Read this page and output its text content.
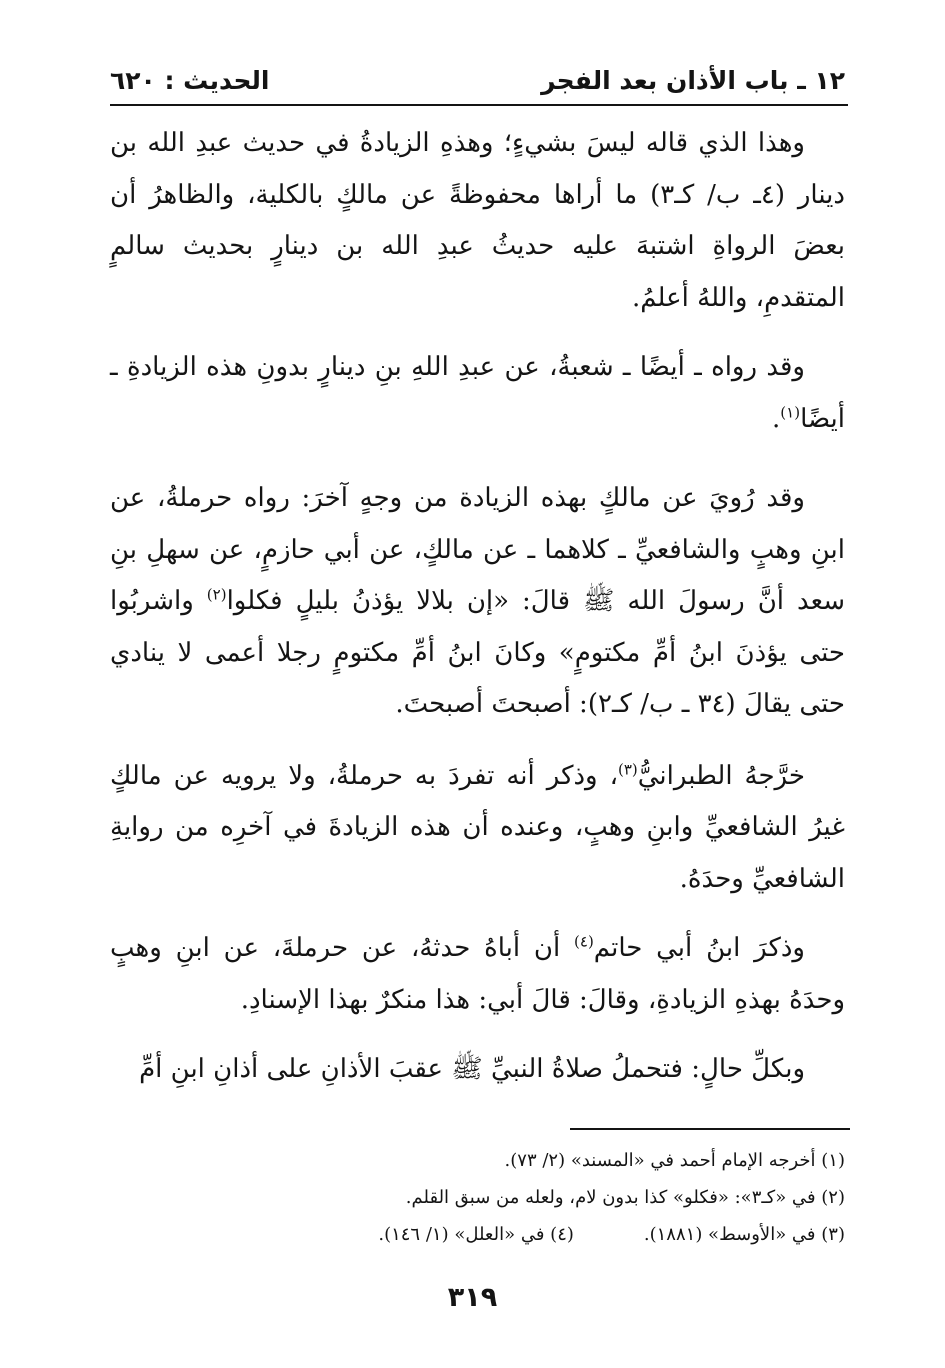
١٢ ـ باب الأذان بعد الفجر
الحديث : ٦٢٠

وهذا الذي قاله ليسَ بشيءٍ؛ وهذهِ الزيادةُ في حديث عبدِ الله بن دينار (٤ـ ب/ كـ٣) ما أراها محفوظةً عن مالكٍ بالكلية، والظاهرُ أن بعضَ الرواةِ اشتبهَ عليه حديثُ عبدِ الله بن دينارٍ بحديث سالمٍ المتقدمِ، واللهُ أعلمُ.

وقد رواه ـ أيضًا ـ شعبةُ، عن عبدِ اللهِ بنِ دينارٍ بدونِ هذه الزيادةِ ـ أيضًا$^{(١)}$.

وقد رُويَ عن مالكٍ بهذه الزيادة من وجهٍ آخرَ: رواه حرملةُ، عن ابنِ وهبٍ والشافعيِّ ـ كلاهما ـ عن مالكٍ، عن أبي حازمٍ، عن سهلِ بنِ سعد أنَّ رسولَ الله ﷺ قالَ: «إن بلالا يؤذنُ بليلٍ فكلوا$^{(٢)}$ واشربُوا حتى يؤذنَ ابنُ أمِّ مكتومٍ» وكانَ ابنُ أمِّ مكتومٍ رجلا أعمى لا ينادي حتى يقالَ (٣٤ ـ ب/ كـ٢): أصبحتَ أصبحتَ.

خرَّجهُ الطبرانيُّ$^{(٣)}$، وذكر أنه تفردَ به حرملةُ، ولا يرويه عن مالكٍ غيرُ الشافعيِّ وابنِ وهبٍ، وعنده أن هذه الزيادةَ في آخرِه من روايةِ الشافعيِّ وحدَهُ.

وذكرَ ابنُ أبي حاتم$^{(٤)}$ أن أباهُ حدثهُ، عن حرملةَ، عن ابنِ وهبٍ وحدَهُ بهذهِ الزيادةِ، وقالَ: قالَ أبي: هذا منكرٌ بهذا الإسنادِ.

وبكلِّ حالٍ: فتحملُ صلاةُ النبيِّ ﷺ عقبَ الأذانِ على أذانِ ابنِ أمِّ

(١) أخرجه الإمام أحمد في «المسند» (٢/ ٧٣).
(٢) في «كـ٣»: «فكلو» كذا بدون لام، ولعله من سبق القلم.
(٣) في «الأوسط» (١٨٨١).(٤) في «العلل» (١/ ١٤٦).
٣١٩
